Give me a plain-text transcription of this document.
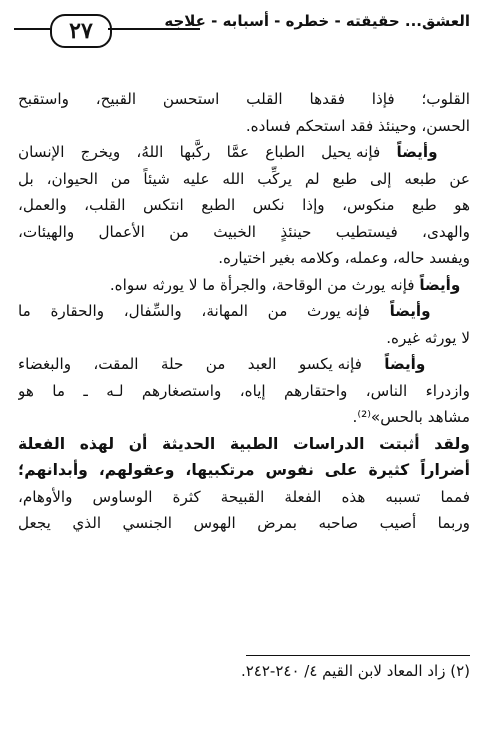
٢٧	العشق... حقيقته - خطره - أسبابه - علاجه
القلوب؛ فإذا فقدها القلب استحسن القبيح، واستقبح
الحسن، وحينئذ فقد استحكم فساده.
وأيضاً فإنه يحيل الطباع عمَّا ركَّبها اللهُ، ويخرج الإنسان
عن طبعه إلى طبع لم يركِّب الله عليه شيئاً من الحيوان، بل
هو طبع منكوس، وإذا نكس الطبع انتكس القلب، والعمل،
والهدى، فيستطيب حينئذٍ الخبيث من الأعمال والهيئات،
ويفسد حاله، وعمله، وكلامه بغير اختياره.
وأيضاً فإنه يورث من الوقاحة، والجرأة ما لا يورثه سواه.
وأيضاً فإنه يورث من المهانة، والسِّفال، والحقارة ما
لا يورثه غيره.
وأيضاً فإنه يكسو العبد من حلة المقت، والبغضاء
وازدراء الناس، واحتقارهم إياه، واستصغارهم لـه ـ ما هو
مشاهد بالحس»⁽²⁾.
ولقد أثبتت الدراسات الطبية الحديثة أن لهذه الفعلة
أضراراً كثيرة على نفوس مرتكبيها، وعقولهم، وأبدانهم؛
فمما تسببه هذه الفعلة القبيحة كثرة الوساوس والأوهام،
وربما أصيب صاحبه بمرض الهوس الجنسي الذي يجعل
(٢) زاد المعاد لابن القيم ٤/ ٢٤٠-٢٤٢.
